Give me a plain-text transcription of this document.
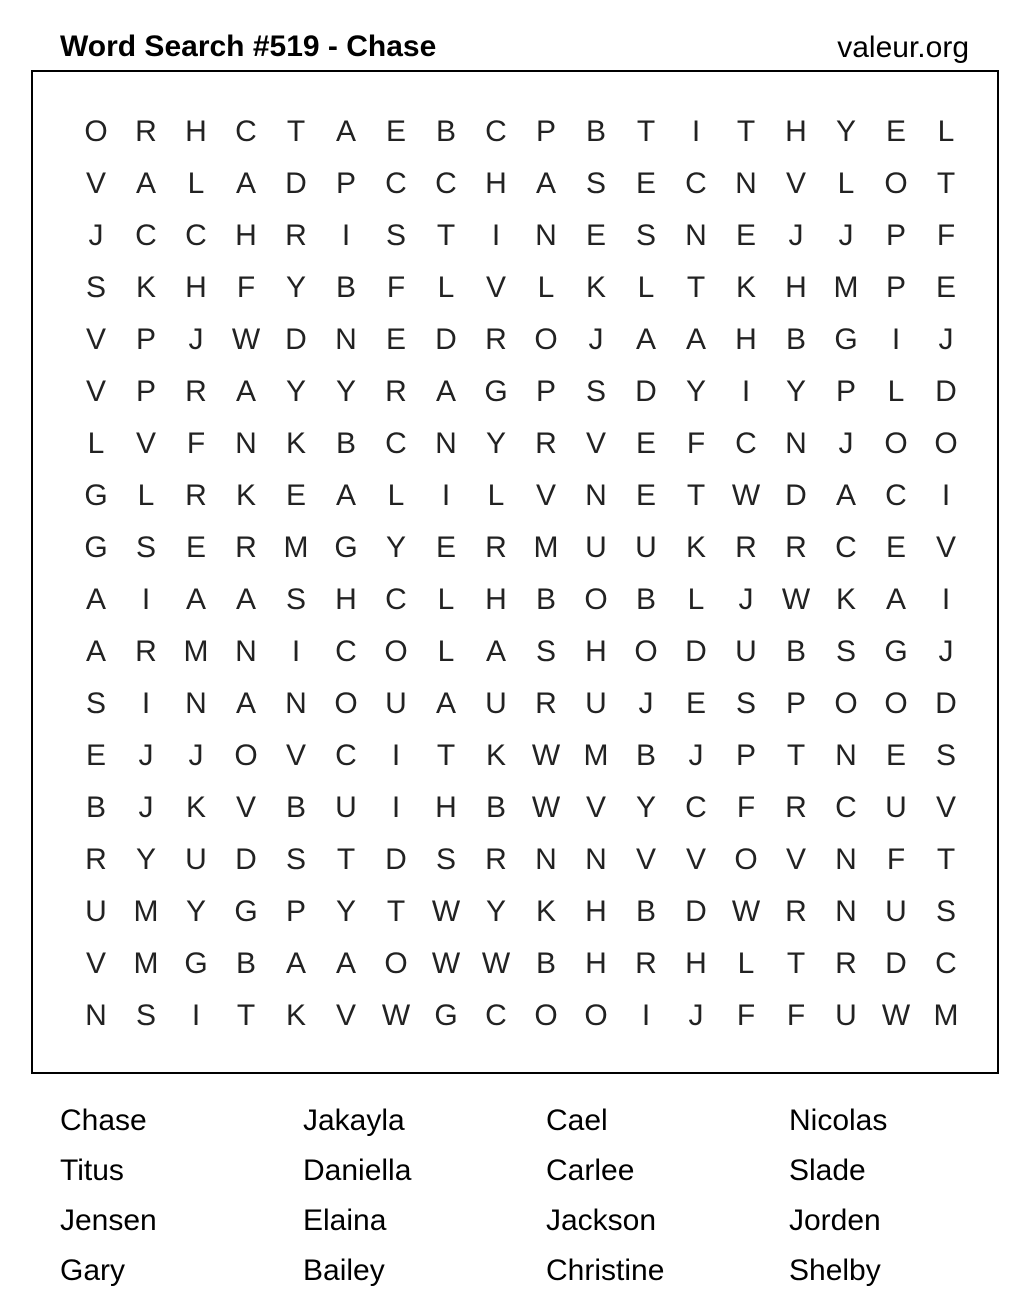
Word Search #519 - Chase	valeur.org
O R H C	T	A E B C P B	T	I	T	H Y E	L
V A	L	A D P C C H A S E C N V	L O T
J	C C H R	I	S	T	I	N E S N E	J	J	P	F
S K H	F	Y B	F	L	V	L	K	L	T	K H M P E
V P	J W D N E D R O	J	A A H B G	I	J
V P R A Y Y R A G P S D Y	I	Y P	L	D
L	V	F	N K B C N Y R V E	F	C N	J	O O
G L	R K E A	L	I	L	V N E	T W D A C	I
G S E R M G Y E R M U U K R R C E V
A	I	A A S H C	L	H B O B	L	J W K A	I
A R M N	I	C O L	A S H O D U B S G	J
S	I	N A N O U A U R U	J	E S P O O D
E	J	J	O V C	I	T	K W M B	J	P	T	N E S
B	J	K V B U	I	H B W V Y C	F	R C U V
R Y U D S	T	D S R N N V V O V N	F	T
U M Y G P Y	T W Y K H B D W R N U S
V M G B A A O W W B H R H	L	T	R D C
N S	I	T	K V W G C O O	I	J	F	F	U W M
Chase	Jakayla	Cael	Nicolas
Titus	Daniella	Carlee	Slade
Jensen	Elaina	Jackson	Jorden
Gary	Bailey	Christine	Shelby
